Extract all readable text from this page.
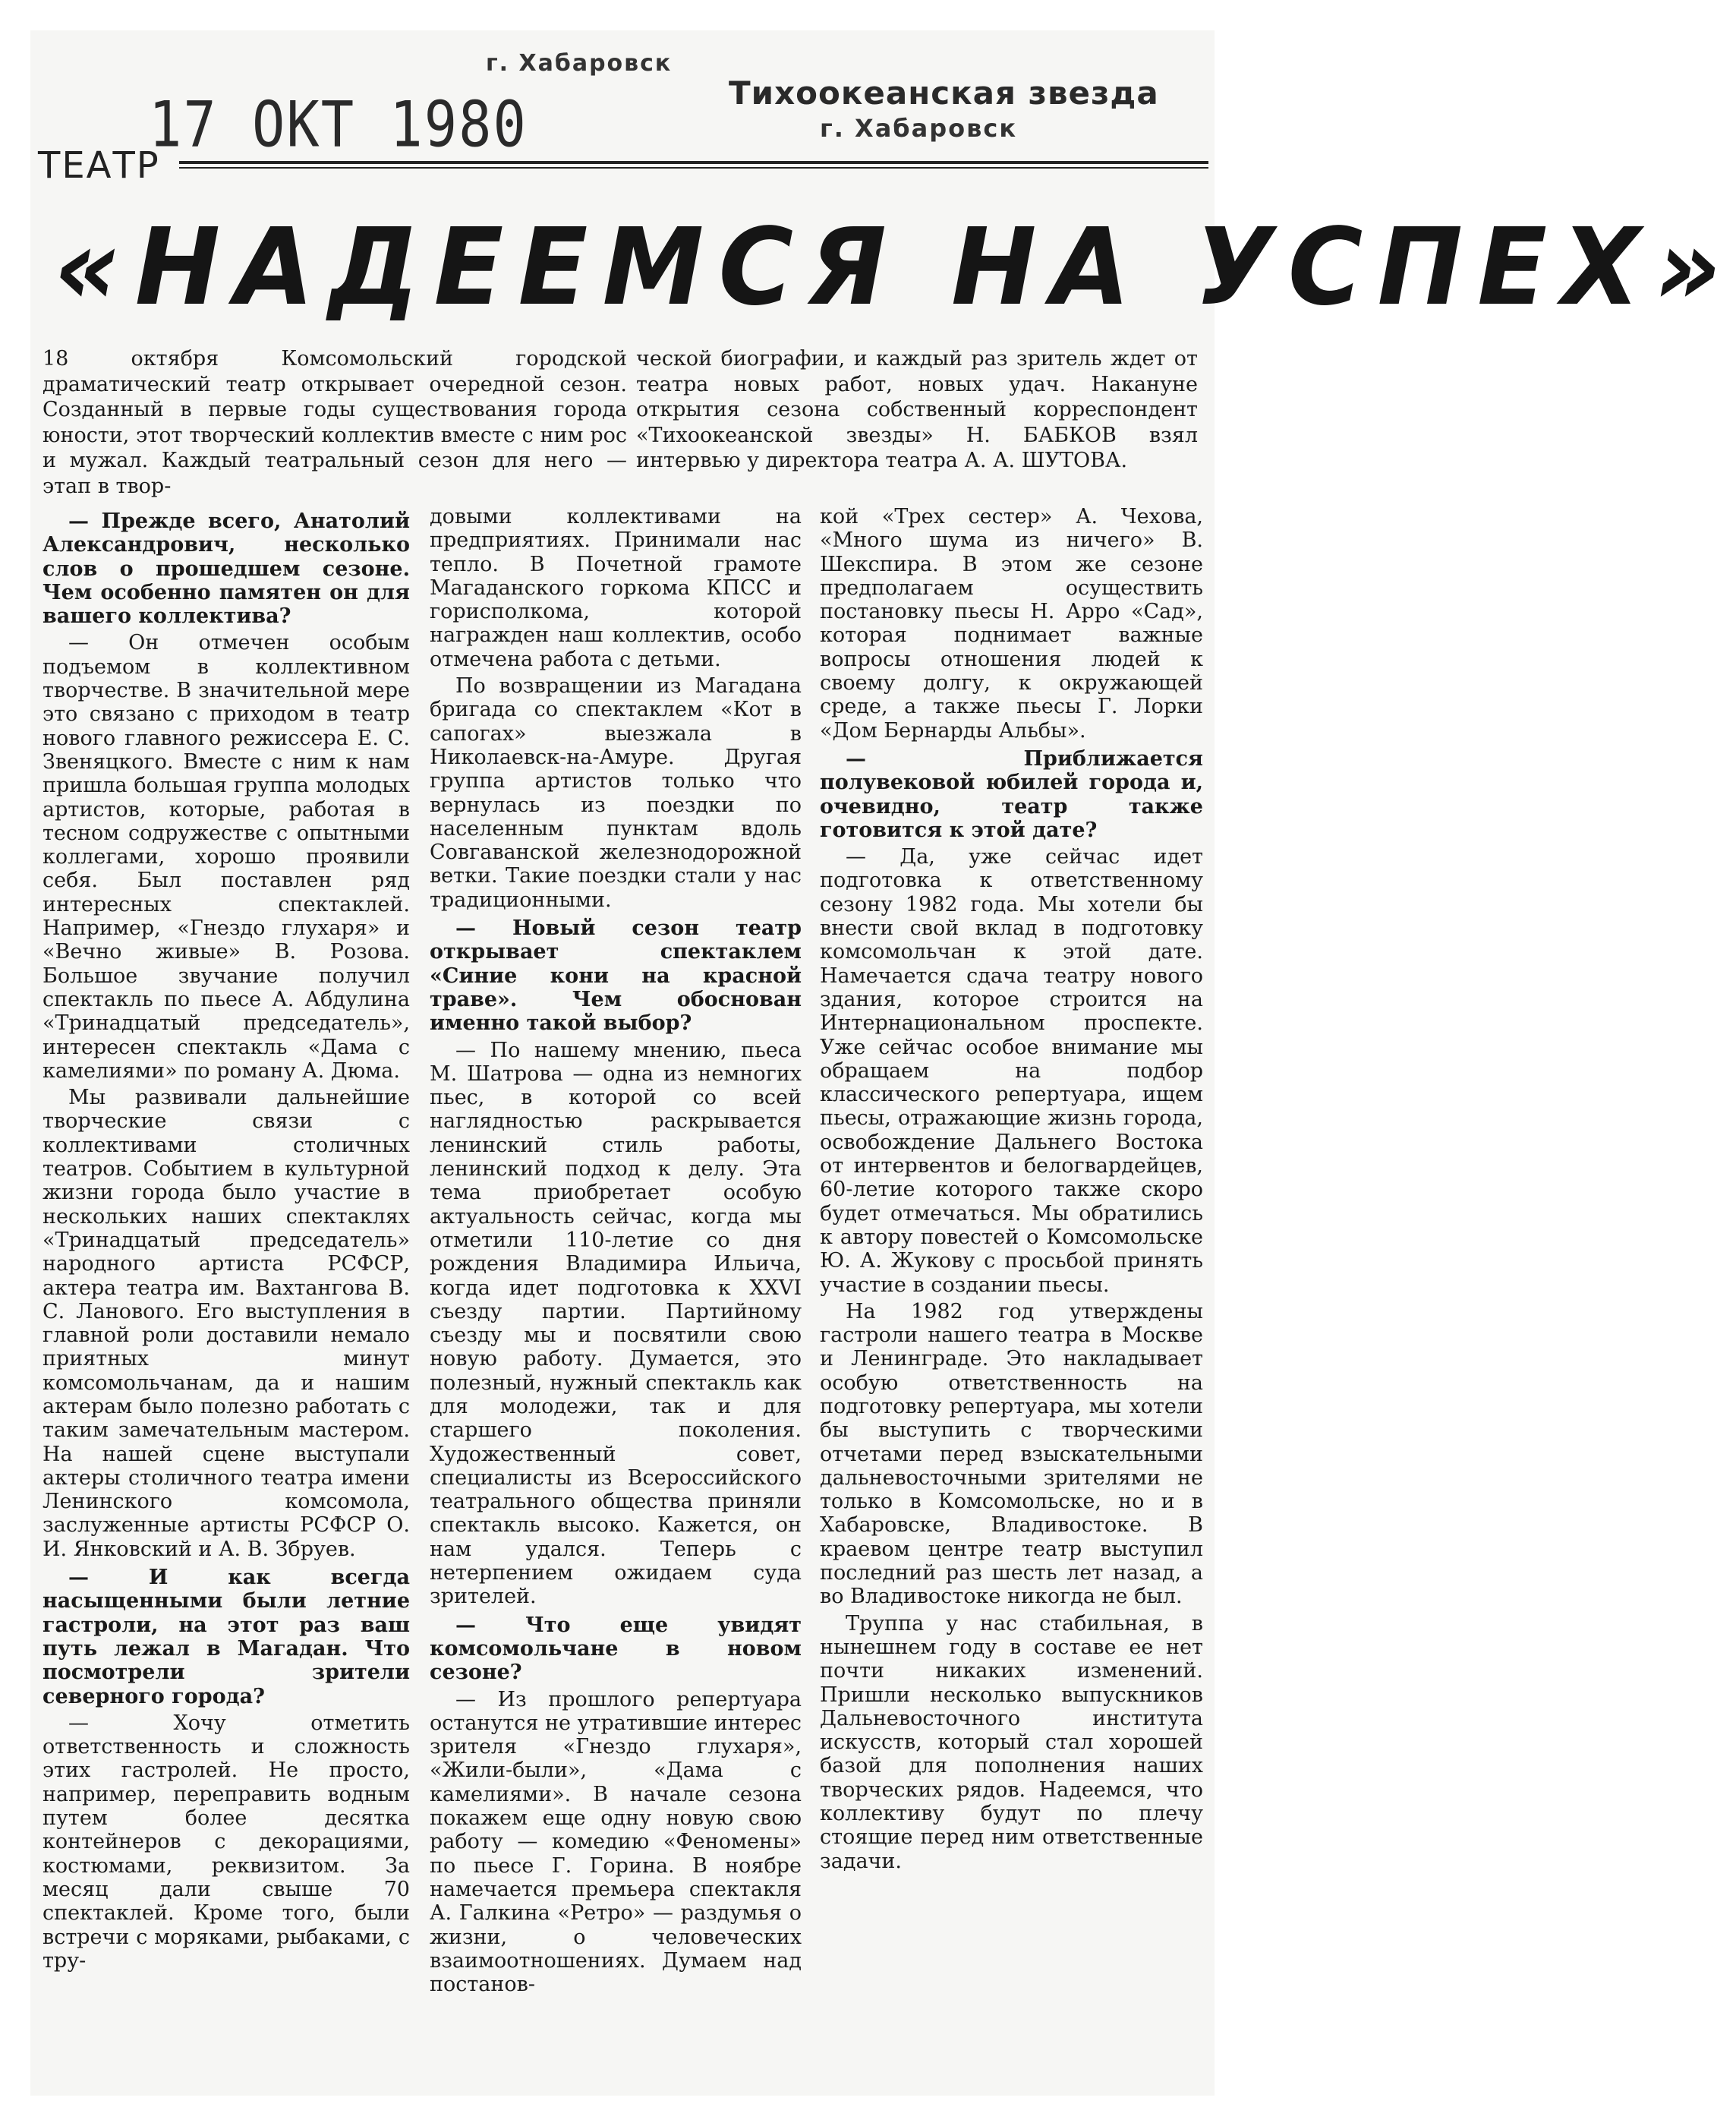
г. Хабаровск
Тихоокеанская звезда
г. Хабаровск
17 ОКТ 1980
ТЕАТР
«НАДЕЕМСЯ НА УСПЕХ»
18 октября Комсомольский городской драматический театр открывает очередной сезон. Созданный в первые годы существования города юности, этот творческий коллектив вместе с ним рос и мужал. Каждый театральный сезон для него — этап в твор-
ческой биографии, и каждый раз зритель ждет от театра новых работ, новых удач. Накануне открытия сезона собственный корреспондент «Тихоокеанской звезды» Н. БАБКОВ взял интервью у директора театра А. А. ШУТОВА.

— Прежде всего, Анатолий Александрович, несколько слов о прошедшем сезоне. Чем особенно памятен он для вашего коллектива?

— Он отмечен особым подъемом в коллективном творчестве. В значительной мере это связано с приходом в театр нового главного режиссера Е. С. Звеняцкого. Вместе с ним к нам пришла большая группа молодых артистов, которые, работая в тесном содружестве с опытными коллегами, хорошо проявили себя. Был поставлен ряд интересных спектаклей. Например, «Гнездо глухаря» и «Вечно живые» В. Розова. Большое звучание получил спектакль по пьесе А. Абдулина «Тринадцатый председатель», интересен спектакль «Дама с камелиями» по роману А. Дюма.

Мы развивали дальнейшие творческие связи с коллективами столичных театров. Событием в культурной жизни города было участие в нескольких наших спектаклях «Тринадцатый председатель» народного артиста РСФСР, актера театра им. Вахтангова В. С. Ланового. Его выступления в главной роли доставили немало приятных минут комсомольчанам, да и нашим актерам было полезно работать с таким замечательным мастером. На нашей сцене выступали актеры столичного театра имени Ленинского комсомола, заслуженные артисты РСФСР О. И. Янковский и А. В. Збруев.

— И как всегда насыщенными были летние гастроли, на этот раз ваш путь лежал в Магадан. Что посмотрели зрители северного города?

— Хочу отметить ответственность и сложность этих гастролей. Не просто, например, переправить водным путем более десятка контейнеров с декорациями, костюмами, реквизитом. За месяц дали свыше 70 спектаклей. Кроме того, были встречи с моряками, рыбаками, с тру-

довыми коллективами на предприятиях. Принимали нас тепло. В Почетной грамоте Магаданского горкома КПСС и горисполкома, которой награжден наш коллектив, особо отмечена работа с детьми.

По возвращении из Магадана бригада со спектаклем «Кот в сапогах» выезжала в Николаевск-на-Амуре. Другая группа артистов только что вернулась из поездки по населенным пунктам вдоль Совгаванской железнодорожной ветки. Такие поездки стали у нас традиционными.

— Новый сезон театр открывает спектаклем «Синие кони на красной траве». Чем обоснован именно такой выбор?

— По нашему мнению, пьеса М. Шатрова — одна из немногих пьес, в которой со всей наглядностью раскрывается ленинский стиль работы, ленинский подход к делу. Эта тема приобретает особую актуальность сейчас, когда мы отметили 110-летие со дня рождения Владимира Ильича, когда идет подготовка к XXVI съезду партии. Партийному съезду мы и посвятили свою новую работу. Думается, это полезный, нужный спектакль как для молодежи, так и для старшего поколения. Художественный совет, специалисты из Всероссийского театрального общества приняли спектакль высоко. Кажется, он нам удался. Теперь с нетерпением ожидаем суда зрителей.

— Что еще увидят комсомольчане в новом сезоне?

— Из прошлого репертуара останутся не утратившие интерес зрителя «Гнездо глухаря», «Жили-были», «Дама с камелиями». В начале сезона покажем еще одну новую свою работу — комедию «Феномены» по пьесе Г. Горина. В ноябре намечается премьера спектакля А. Галкина «Ретро» — раздумья о жизни, о человеческих взаимоотношениях. Думаем над постанов-

кой «Трех сестер» А. Чехова, «Много шума из ничего» В. Шекспира. В этом же сезоне предполагаем осуществить постановку пьесы Н. Арро «Сад», которая поднимает важные вопросы отношения людей к своему долгу, к окружающей среде, а также пьесы Г. Лорки «Дом Бернарды Альбы».

— Приближается полувековой юбилей города и, очевидно, театр также готовится к этой дате?

— Да, уже сейчас идет подготовка к ответственному сезону 1982 года. Мы хотели бы внести свой вклад в подготовку комсомольчан к этой дате. Намечается сдача театру нового здания, которое строится на Интернациональном проспекте. Уже сейчас особое внимание мы обращаем на подбор классического репертуара, ищем пьесы, отражающие жизнь города, освобождение Дальнего Востока от интервентов и белогвардейцев, 60-летие которого также скоро будет отмечаться. Мы обратились к автору повестей о Комсомольске Ю. А. Жукову с просьбой принять участие в создании пьесы.

На 1982 год утверждены гастроли нашего театра в Москве и Ленинграде. Это накладывает особую ответственность на подготовку репертуара, мы хотели бы выступить с творческими отчетами перед взыскательными дальневосточными зрителями не только в Комсомольске, но и в Хабаровске, Владивостоке. В краевом центре театр выступил последний раз шесть лет назад, а во Владивостоке никогда не был.

Труппа у нас стабильная, в нынешнем году в составе ее нет почти никаких изменений. Пришли несколько выпускников Дальневосточного института искусств, который стал хорошей базой для пополнения наших творческих рядов. Надеемся, что коллективу будут по плечу стоящие перед ним ответственные задачи.
